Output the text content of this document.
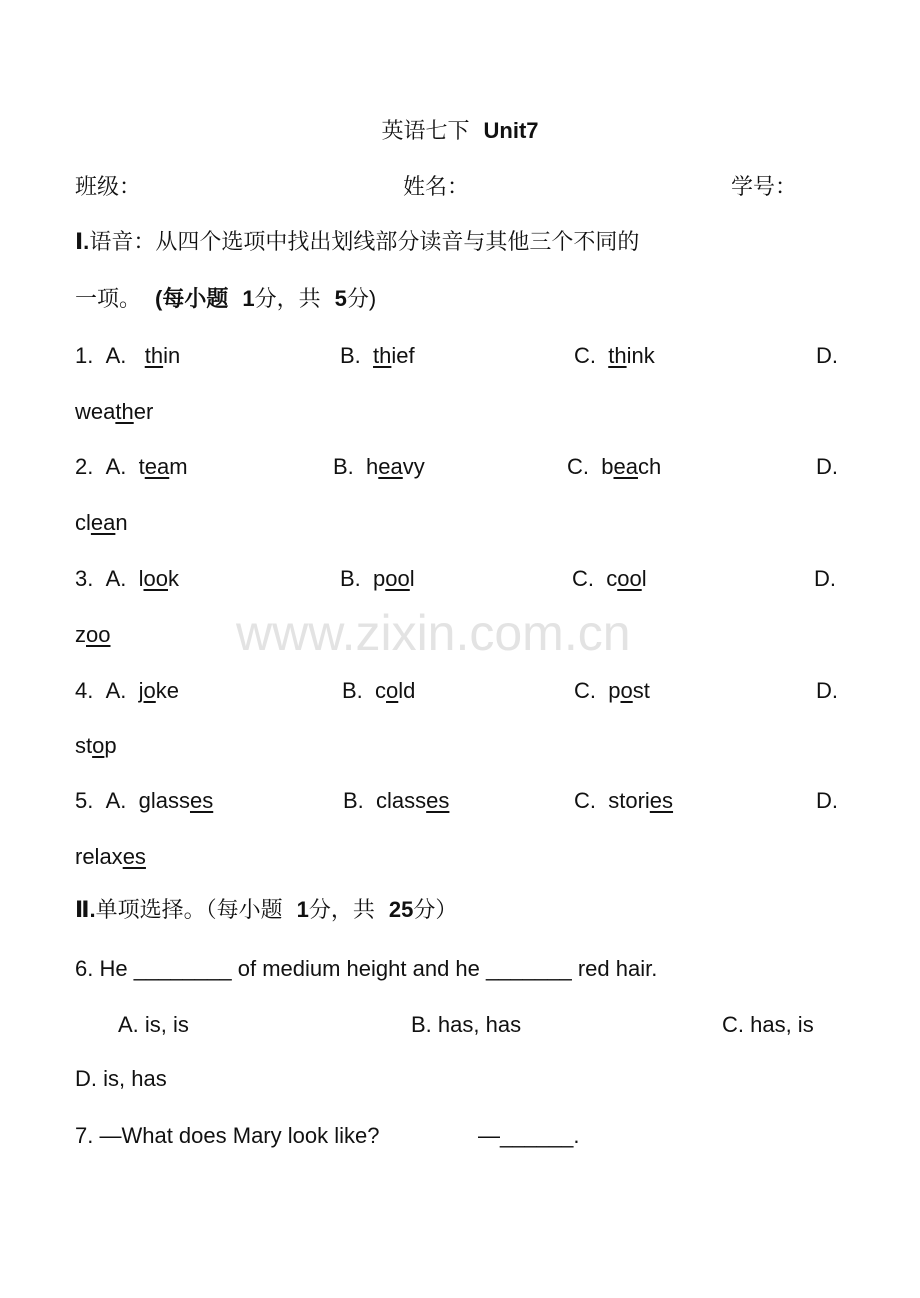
www.zixin.com.cn
英语七下 Unit7
班级：	姓名：	学号：
Ⅰ.语音：从四个选项中找出划线部分读音与其他三个不同的
一项。 (每小题 1分，共 5分)
1. A. thin	B. thief	C. think	D.
weather
2. A. team	B. heavy	C. beach	D.
clean
3. A. look	B. pool	C. cool	D.
zoo
4. A. joke	B. cold	C. post	D.
stop
5. A. glasses	B. classes	C. stories	D.
relaxes
Ⅱ.单项选择。（每小题 1分，共 25分）
6. He ________ of medium height and he _______ red hair.
A. is, is	B. has, has	C. has, is
D. is, has
7. —What does Mary look like?	—______.
